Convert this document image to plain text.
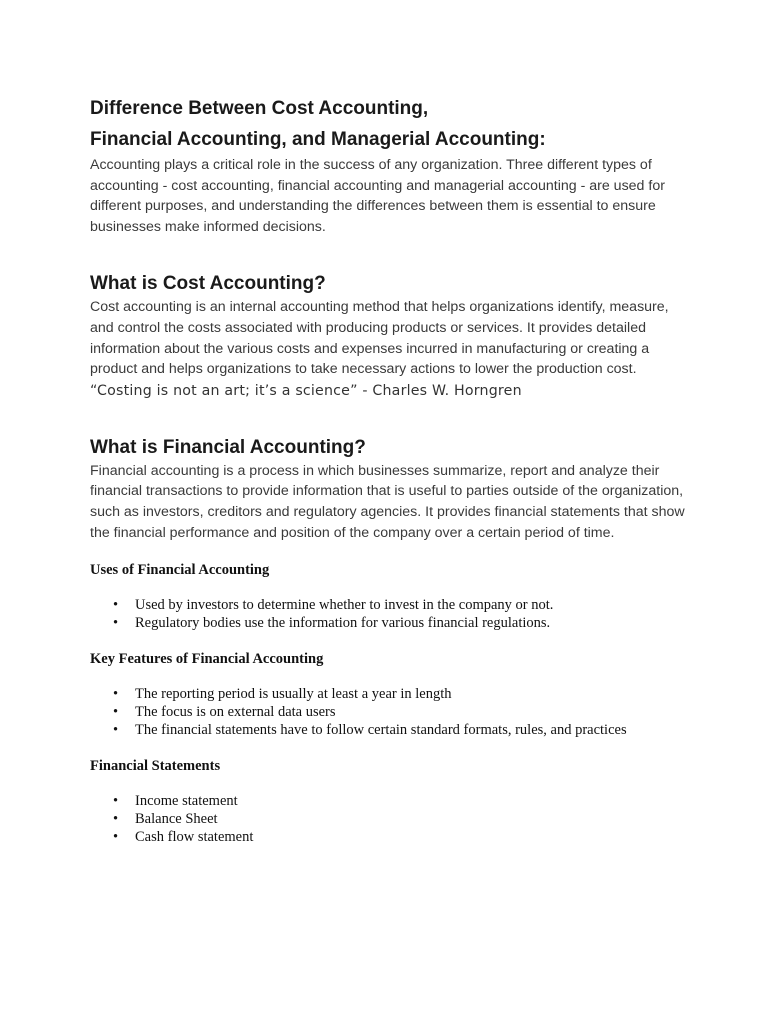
Difference Between Cost Accounting,

Financial Accounting, and Managerial Accounting:

Accounting plays a critical role in the success of any organization. Three different types of accounting - cost accounting, financial accounting and managerial accounting - are used for different purposes, and understanding the differences between them is essential to ensure businesses make informed decisions.

What is Cost Accounting?

Cost accounting is an internal accounting method that helps organizations identify, measure, and control the costs associated with producing products or services. It provides detailed information about the various costs and expenses incurred in manufacturing or creating a product and helps organizations to take necessary actions to lower the production cost.

“Costing is not an art; it’s a science” - Charles W. Horngren

What is Financial Accounting?

Financial accounting is a process in which businesses summarize, report and analyze their financial transactions to provide information that is useful to parties outside of the organization, such as investors, creditors and regulatory agencies. It provides financial statements that show the financial performance and position of the company over a certain period of time.

Uses of Financial Accounting

• Used by investors to determine whether to invest in the company or not.
• Regulatory bodies use the information for various financial regulations.

Key Features of Financial Accounting

• The reporting period is usually at least a year in length
• The focus is on external data users
• The financial statements have to follow certain standard formats, rules, and practices

Financial Statements

• Income statement
• Balance Sheet
• Cash flow statement
